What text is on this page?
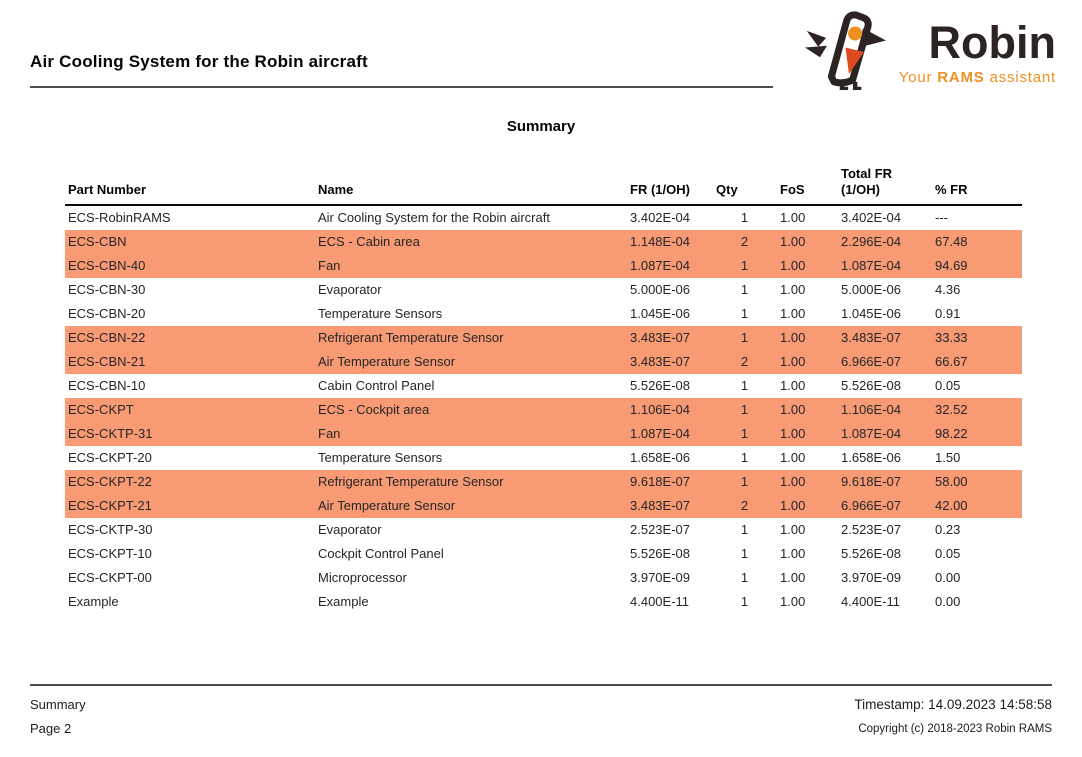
Air Cooling System for the Robin aircraft	Robin
Your RAMS assistant
Summary
Part Number	Name	FR (1/OH)	Qty	FoS	Total FR (1/OH)	% FR
ECS-RobinRAMS	Air Cooling System for the Robin aircraft	3.402E-04	1	1.00	3.402E-04	---
ECS-CBN	ECS - Cabin area	1.148E-04	2	1.00	2.296E-04	67.48
ECS-CBN-40	Fan	1.087E-04	1	1.00	1.087E-04	94.69
ECS-CBN-30	Evaporator	5.000E-06	1	1.00	5.000E-06	4.36
ECS-CBN-20	Temperature Sensors	1.045E-06	1	1.00	1.045E-06	0.91
ECS-CBN-22	Refrigerant Temperature Sensor	3.483E-07	1	1.00	3.483E-07	33.33
ECS-CBN-21	Air Temperature Sensor	3.483E-07	2	1.00	6.966E-07	66.67
ECS-CBN-10	Cabin Control Panel	5.526E-08	1	1.00	5.526E-08	0.05
ECS-CKPT	ECS - Cockpit area	1.106E-04	1	1.00	1.106E-04	32.52
ECS-CKTP-31	Fan	1.087E-04	1	1.00	1.087E-04	98.22
ECS-CKPT-20	Temperature Sensors	1.658E-06	1	1.00	1.658E-06	1.50
ECS-CKPT-22	Refrigerant Temperature Sensor	9.618E-07	1	1.00	9.618E-07	58.00
ECS-CKPT-21	Air Temperature Sensor	3.483E-07	2	1.00	6.966E-07	42.00
ECS-CKTP-30	Evaporator	2.523E-07	1	1.00	2.523E-07	0.23
ECS-CKPT-10	Cockpit Control Panel	5.526E-08	1	1.00	5.526E-08	0.05
ECS-CKPT-00	Microprocessor	3.970E-09	1	1.00	3.970E-09	0.00
Example	Example	4.400E-11	1	1.00	4.400E-11	0.00
Summary
Page 2
Timestamp: 14.09.2023 14:58:58
Copyright (c) 2018-2023 Robin RAMS
